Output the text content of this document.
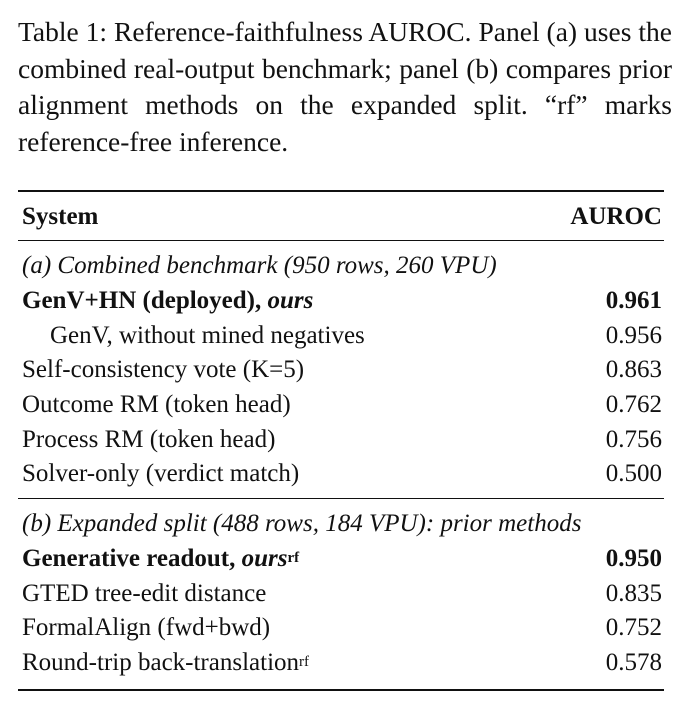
Table 1: Reference-faithfulness AUROC. Panel (a) uses the combined real-output benchmark; panel (b) compares prior alignment methods on the expanded split. “rf” marks reference-free inference.
System	AUROC
(a) Combined benchmark (950 rows, 260 VPU)
GenV+HN (deployed), ours	0.961
GenV, without mined negatives	0.956
Self-consistency vote (K=5)	0.863
Outcome RM (token head)	0.762
Process RM (token head)	0.756
Solver-only (verdict match)	0.500
(b) Expanded split (488 rows, 184 VPU): prior methods
Generative readout, ours$^{rf}$	0.950
GTED tree-edit distance	0.835
FormalAlign (fwd+bwd)	0.752
Round-trip back-translation$^{rf}$	0.578
